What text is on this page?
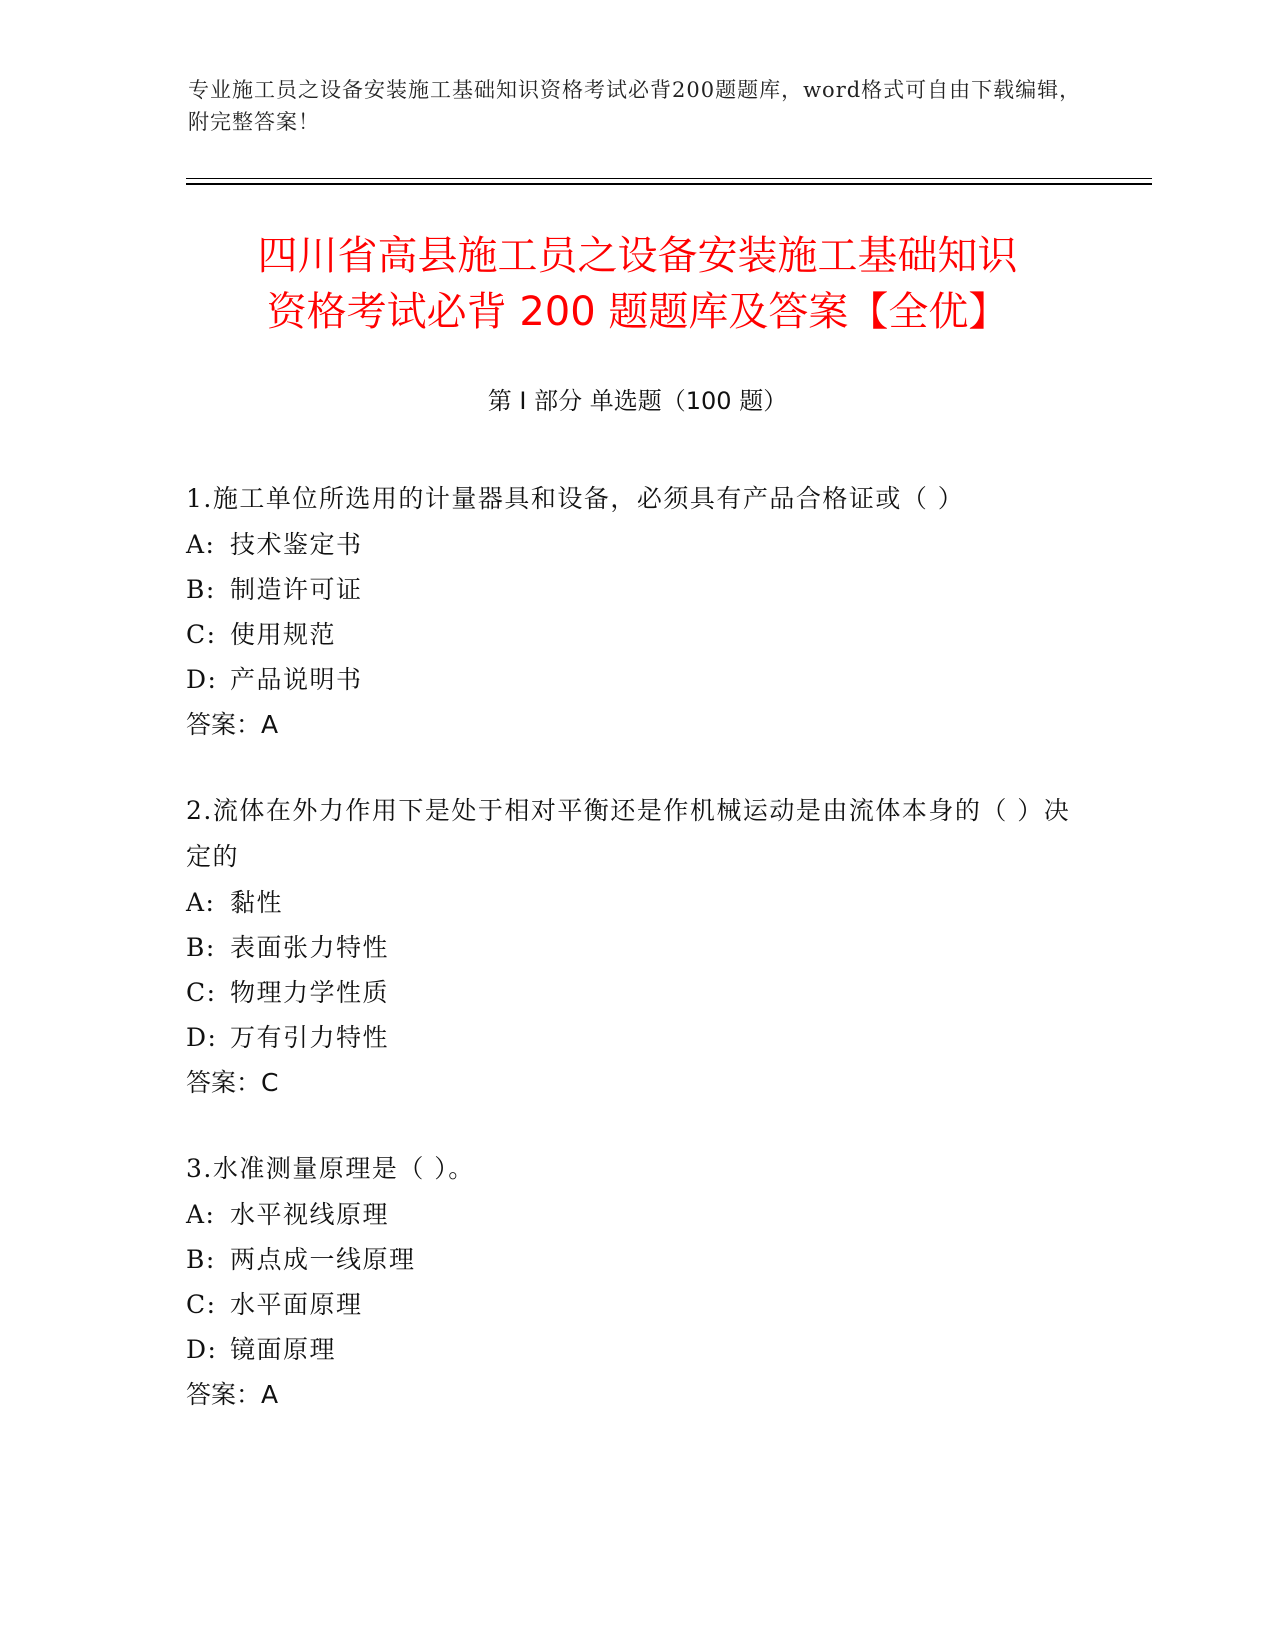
专业施工员之设备安装施工基础知识资格考试必背200题题库，word格式可自由下载编辑，附完整答案！
四川省高县施工员之设备安装施工基础知识
资格考试必背 200 题题库及答案【全优】
第 I 部分 单选题（100 题）
1.施工单位所选用的计量器具和设备，必须具有产品合格证或（ ）
A: 技术鉴定书
B: 制造许可证
C: 使用规范
D: 产品说明书
答案：A
2.流体在外力作用下是处于相对平衡还是作机械运动是由流体本身的（ ）决定的
A: 黏性
B: 表面张力特性
C: 物理力学性质
D: 万有引力特性
答案：C
3.水准测量原理是（ ）。
A: 水平视线原理
B: 两点成一线原理
C: 水平面原理
D: 镜面原理
答案：A
